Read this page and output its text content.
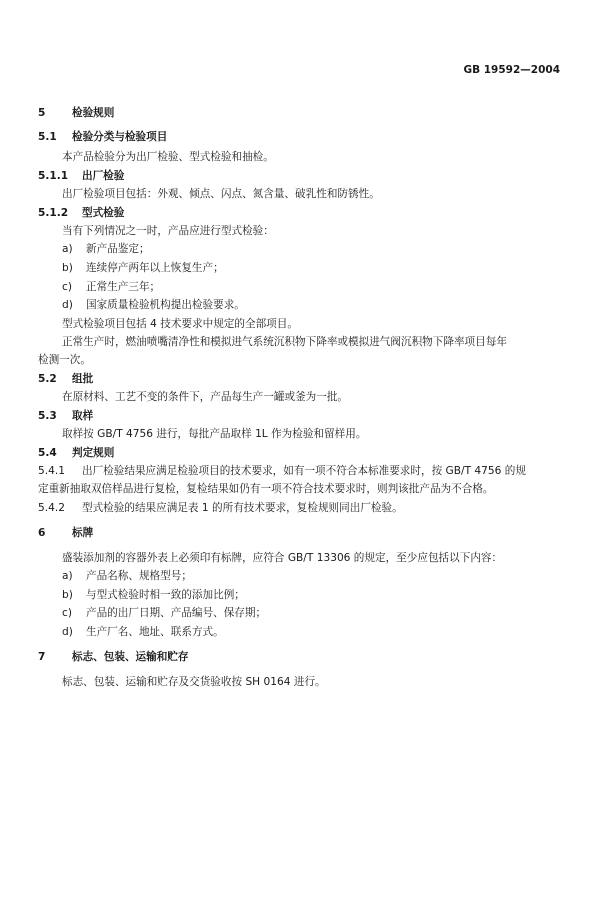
GB 19592—2004
5	检验规则
5.1 检验分类与检验项目
本产品检验分为出厂检验、型式检验和抽检。
5.1.1 出厂检验
出厂检验项目包括：外观、倾点、闪点、氮含量、破乳性和防锈性。
5.1.2 型式检验
当有下列情况之一时，产品应进行型式检验：
a) 新产品鉴定；
b) 连续停产两年以上恢复生产；
c) 正常生产三年；
d) 国家质量检验机构提出检验要求。
型式检验项目包括 4 技术要求中规定的全部项目。
正常生产时，燃油喷嘴清净性和模拟进气系统沉积物下降率或模拟进气阀沉积物下降率项目每年
检测一次。
5.2 组批
在原材料、工艺不变的条件下，产品每生产一罐或釜为一批。
5.3 取样
取样按 GB/T 4756 进行，每批产品取样 1L 作为检验和留样用。
5.4 判定规则
5.4.1 出厂检验结果应满足检验项目的技术要求，如有一项不符合本标准要求时，按 GB/T 4756 的规
定重新抽取双倍样品进行复检，复检结果如仍有一项不符合技术要求时，则判该批产品为不合格。
5.4.2 型式检验的结果应满足表 1 的所有技术要求，复检规则同出厂检验。
6	标牌
盛装添加剂的容器外表上必须印有标牌，应符合 GB/T 13306 的规定，至少应包括以下内容：
a) 产品名称、规格型号；
b) 与型式检验时相一致的添加比例；
c) 产品的出厂日期、产品编号、保存期；
d) 生产厂名、地址、联系方式。
7	标志、包装、运输和贮存
标志、包装、运输和贮存及交货验收按 SH 0164 进行。
